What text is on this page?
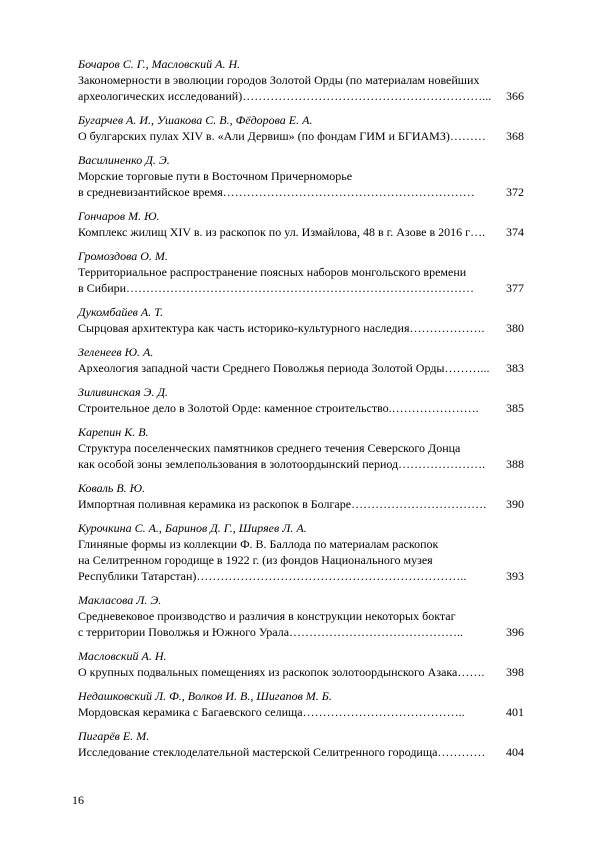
Бочаров С. Г., Масловский А. Н.
Закономерности в эволюции городов Золотой Орды (по материалам новейших
археологических исследований)……………………………………………………...	366
Бугарчев А. И., Ушакова С. В., Фёдорова Е. А.
О булгарских пулах XIV в. «Али Дервиш» (по фондам ГИМ и БГИАМЗ)………	368
Василиненко Д. Э.
Морские торговые пути в Восточном Причерноморье
в средневизантийское время………………………………………………………	372
Гончаров М. Ю.
Комплекс жилищ XIV в. из раскопок по ул. Измайлова, 48 в г. Азове в 2016 г….	374
Громоздова О. М.
Территориальное распространение поясных наборов монгольского времени
в Сибири……………………………………………………………………………	377
Дукомбайев А. Т.
Сырцовая архитектура как часть историко-культурного наследия……………….	380
Зеленеев Ю. А.
Археология западной части Среднего Поволжья периода Золотой Орды………...	383
Зиливинская Э. Д.
Строительное дело в Золотой Орде: каменное строительство.………………….	385
Карепин К. В.
Структура поселенческих памятников среднего течения Северского Донца
как особой зоны землепользования в золотоордынский период………………….	388
Коваль В. Ю.
Импортная поливная керамика из раскопок в Болгаре…………………………….	390
Курочкина С. А., Баринов Д. Г., Ширяев Л. А.
Глиняные формы из коллекции Ф. В. Баллода по материалам раскопок
на Селитренном городище в 1922 г. (из фондов Национального музея
Республики Татарстан)…………………………………………………………..	393
Макласова Л. Э.
Средневековое производство и различия в конструкции некоторых боктаг
с территории Поволжья и Южного Урала……………………………………..	396
Масловский А. Н.
О крупных подвальных помещениях из раскопок золотоордынского Азака…….	398
Недашковский Л. Ф., Волков И. В., Шигапов М. Б.
Мордовская керамика с Багаевского селища…………………………………..	401
Пигарёв Е. М.
Исследование стеклоделательной мастерской Селитренного городища…………	404
16
